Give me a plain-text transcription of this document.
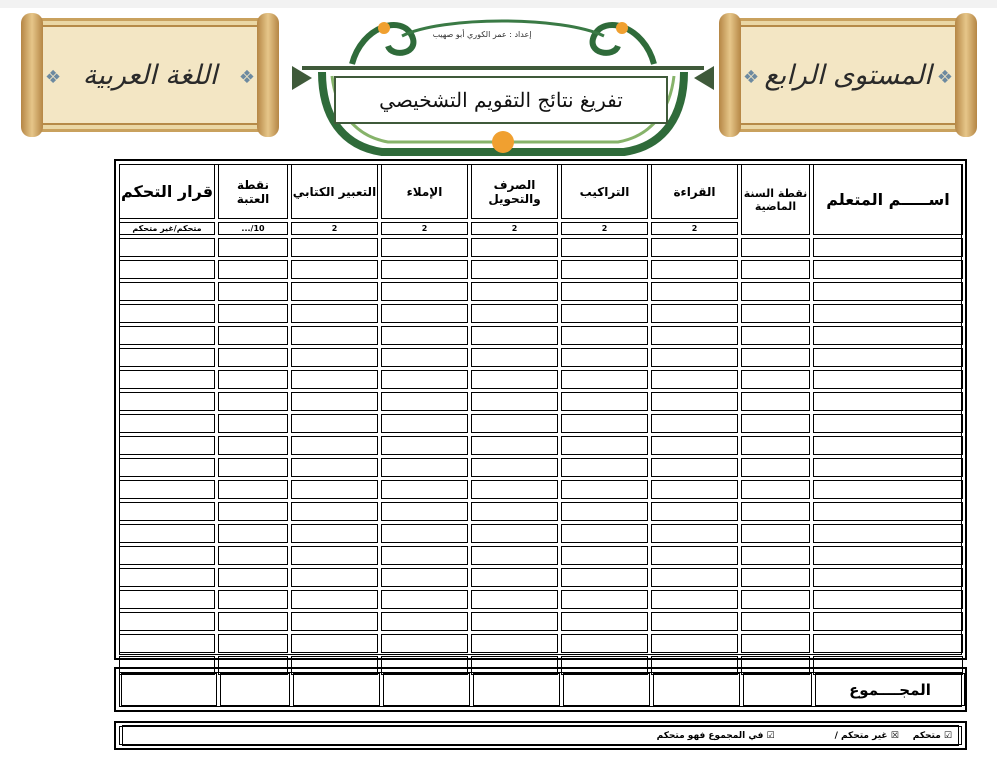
❖	❖
اللغة العربية	❖	❖
المستوى الرابع
إعداد : عمر الكوري أبو صهيب
تفريغ نتائج التقويم التشخيصي
اســـــم المتعلم	نقطة السنة الماضية	القراءة	التراكيب	الصرف والتحويل	الإملاء	التعبير الكتابي	نقطة العتبة	قرار التحكم
		2	2	2	2	2	10/...	متحكم/غير متحكم

المجــــموع								
☑ متحكم
☒ غير متحكم /
☑ في المجموع فهو متحكم
